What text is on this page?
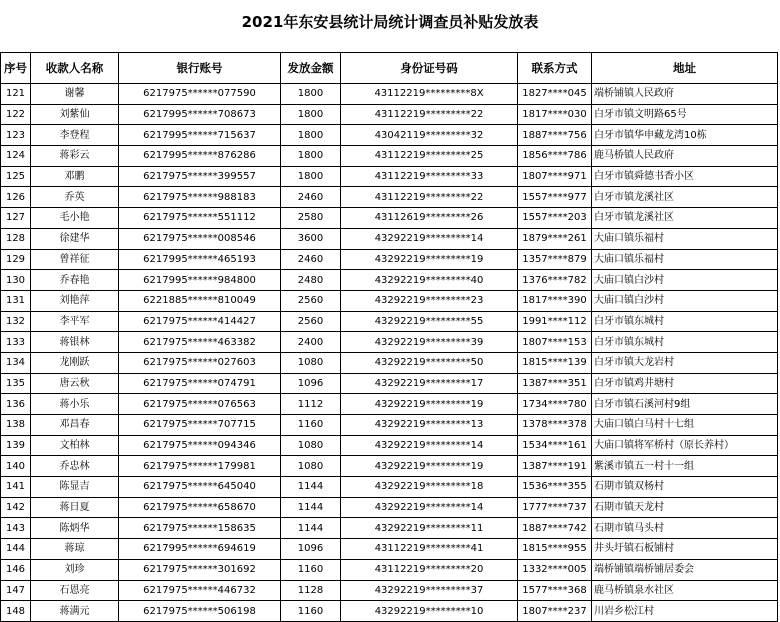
2021年东安县统计局统计调查员补贴发放表
序号	收款人名称	银行账号	发放金额	身份证号码	联系方式	地址
121	谢馨	6217975******077590	1800	43112219*********8X	1827****045	端桥铺镇人民政府
122	刘紫仙	6217995******708673	1800	43112219*********22	1817****030	白牙市镇文明路65号
123	李登程	6217995******715637	1800	43042119*********32	1887****756	白牙市镇华申藏龙湾10栋
124	蒋彩云	6217995******876286	1800	43112219*********25	1856****786	鹿马桥镇人民政府
125	邓鹏	6217975******399557	1800	43112219*********33	1807****971	白牙市镇舜德书香小区
126	乔英	6217975******988183	2460	43112219*********22	1557****977	白牙市镇龙溪社区
127	毛小艳	6217975******551112	2580	43112619*********26	1557****203	白牙市镇龙溪社区
128	徐建华	6217975******008546	3600	43292219*********14	1879****261	大庙口镇乐福村
129	曾祥征	6217995******465193	2460	43292219*********19	1357****879	大庙口镇乐福村
130	乔春艳	6217995******984800	2480	43292219*********40	1376****782	大庙口镇白沙村
131	刘艳萍	6221885******810049	2560	43292219*********23	1817****390	大庙口镇白沙村
132	李平军	6217975******414427	2560	43292219*********55	1991****112	白牙市镇东城村
133	蒋银林	6217975******463382	2400	43292219*********39	1807****153	白牙市镇东城村
134	龙刚跃	6217975******027603	1080	43292219*********50	1815****139	白牙市镇大龙岩村
135	唐云秋	6217975******074791	1096	43292219*********17	1387****351	白牙市镇鸡井塘村
136	蒋小乐	6217975******076563	1112	43292219*********19	1734****780	白牙市镇石溪河村9组
138	邓昌春	6217975******707715	1160	43292219*********13	1378****378	大庙口镇白马村十七组
139	文柏林	6217975******094346	1080	43292219*********14	1534****161	大庙口镇将军桥村（原长养村）
140	乔忠林	6217975******179981	1080	43292219*********19	1387****191	紫溪市镇五一村十一组
141	陈显吉	6217975******645040	1144	43292219*********18	1536****355	石期市镇双杨村
142	蒋日夏	6217975******658670	1144	43292219*********14	1777****737	石期市镇天龙村
143	陈炳华	6217975******158635	1144	43292219*********11	1887****742	石期市镇马头村
144	蒋琼	6217995******694619	1096	43112219*********41	1815****955	井头圩镇石板铺村
146	刘珍	6217975******301692	1160	43112219*********20	1332****005	端桥铺镇端桥铺居委会
147	石恩亮	6217975******446732	1128	43292219*********37	1577****368	鹿马桥镇泉水社区
148	蒋满元	6217975******506198	1160	43292219*********10	1807****237	川岩乡松江村
